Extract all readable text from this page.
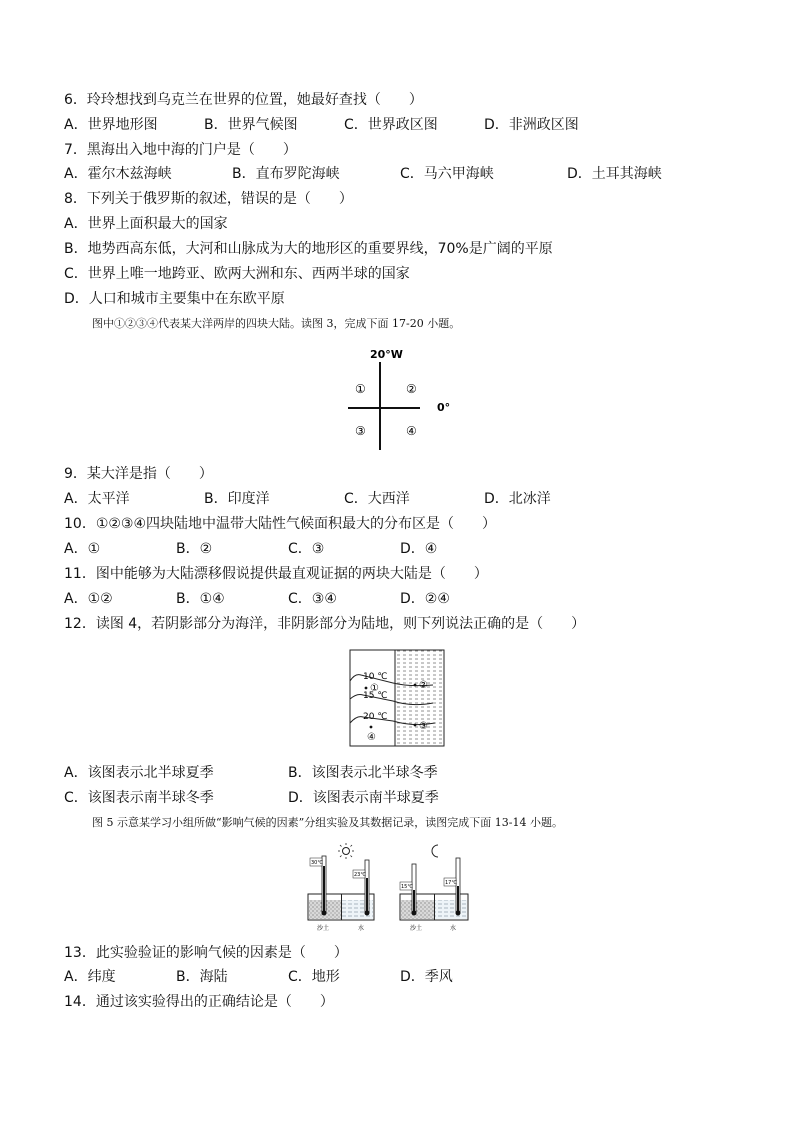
6．玲玲想找到乌克兰在世界的位置，她最好查找（　　）
A．世界地形图	B．世界气候图	C．世界政区图	D．非洲政区图
7．黑海出入地中海的门户是（　　）
A．霍尔木兹海峡	B．直布罗陀海峡	C．马六甲海峡	D．土耳其海峡
8．下列关于俄罗斯的叙述，错误的是（　　）
A．世界上面积最大的国家
B．地势西高东低，大河和山脉成为大的地形区的重要界线，70%是广阔的平原
C．世界上唯一地跨亚、欧两大洲和东、西两半球的国家
D．人口和城市主要集中在东欧平原
图中①②③④代表某大洋两岸的四块大陆。读图 3，完成下面 17-20 小题。
20°W
0°
①	②
③	④
9．某大洋是指（　　）
A．太平洋	B．印度洋	C．大西洋	D．北冰洋
10．①②③④四块陆地中温带大陆性气候面积最大的分布区是（　　）
A．①	B．②	C．③	D．④
11．图中能够为大陆漂移假说提供最直观证据的两块大陆是（　　）
A．①②	B．①④	C．③④	D．②④
12．读图 4，若阴影部分为海洋，非阴影部分为陆地，则下列说法正确的是（　　）
10 ℃
15 ℃
20 ℃
①	②
③
④
A．该图表示北半球夏季	B．该图表示北半球冬季
C．该图表示南半球冬季	D．该图表示南半球夏季
图 5 示意某学习小组所做“影响气候的因素”分组实验及其数据记录，读图完成下面 13-14 小题。
30℃
23℃
沙土	水
15℃
17℃
沙土	水
13．此实验验证的影响气候的因素是（　　）
A．纬度	B．海陆	C．地形	D．季风
14．通过该实验得出的正确结论是（　　）
